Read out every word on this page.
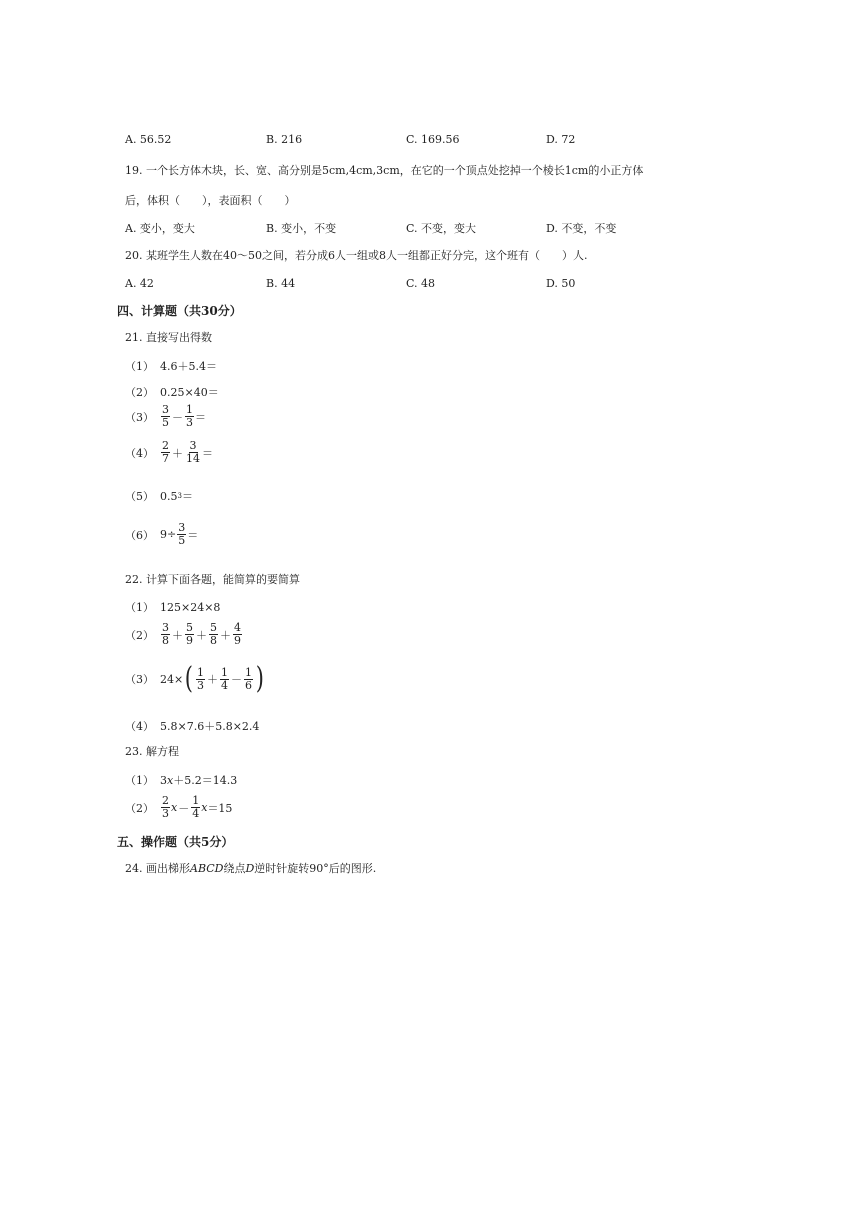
A. 56.52	B. 216	C. 169.56	D. 72
19. 一个长方体木块，长、宽、高分别是5cm,4cm,3cm，在它的一个顶点处挖掉一个棱长1cm的小正方体
后，体积（　　），表面积（　　）
A. 变小，变大	B. 变小，不变	C. 不变，变大	D. 不变，不变
20. 某班学生人数在40～50之间，若分成6人一组或8人一组都正好分完，这个班有（　　）人.
A. 42	B. 44	C. 48	D. 50
四、计算题（共30分）
21. 直接写出得数
（1） 4.6＋5.4＝
（2） 0.25×40＝
$(3) \frac{3}{5} - \frac{1}{3}$ ＝
$(4) \frac{2}{7} + \frac{3}{14}$ ＝
（5） 0.5 3 ＝
（6） $9\div \frac{3}{5}$ ＝
22. 计算下面各题，能简算的要简算
（1） 125×24×8
$(2) \frac{3}{8} + \frac{5}{9} + \frac{5}{8} + \frac{4}{9}$
（3） 24× ( $\frac{1}{3} + \frac{1}{4} - \frac{1}{6}$ )
（4） 5.8×7.6＋5.8×2.4
23. 解方程
（1） 3 x ＋5.2＝14.3
$(2) \frac{2}{3}$ $x - \frac{1}{4}$ x ＝15
五、操作题（共5分）
24. 画出梯形ABCD绕点D逆时针旋转90°后的图形.
